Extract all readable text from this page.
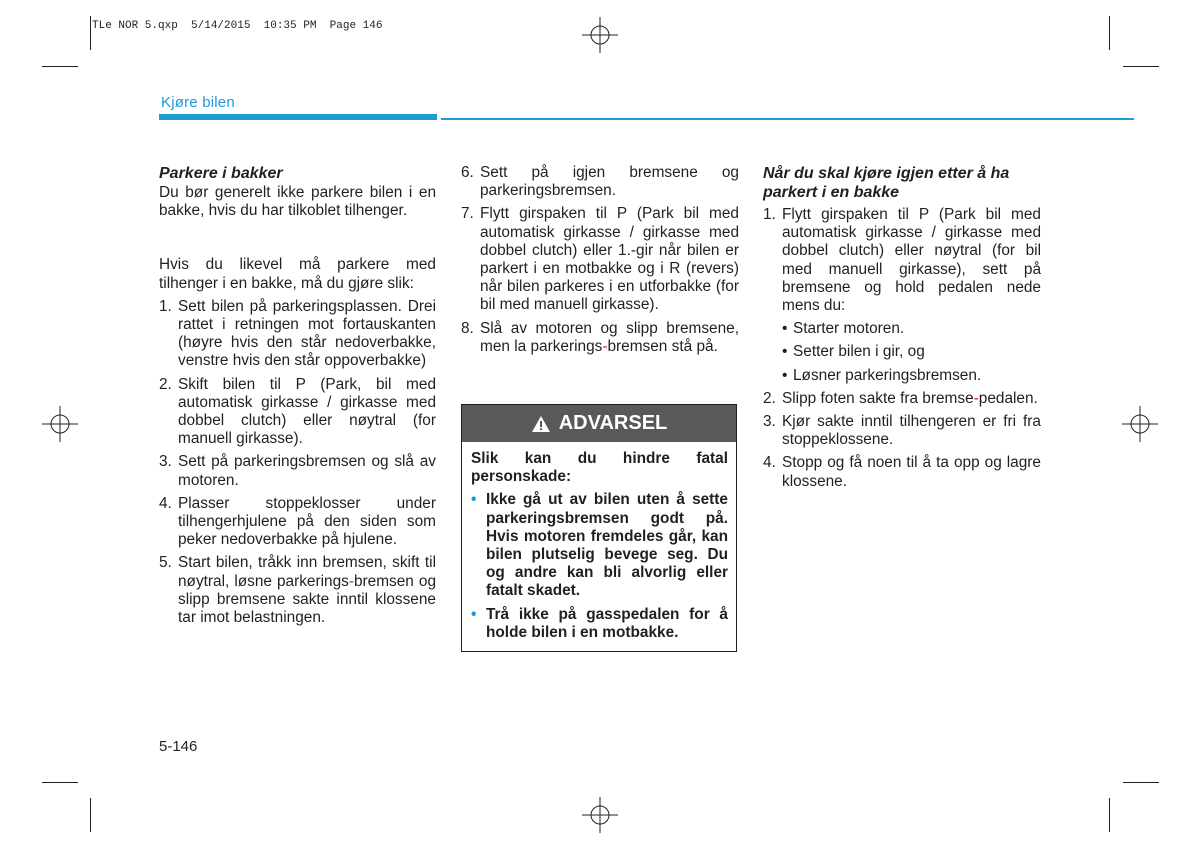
TLe NOR 5.qxp  5/14/2015  10:35 PM  Page 146
Kjøre bilen

Parkere i bakker

Du bør generelt ikke parkere bilen i en bakke, hvis du har tilkoblet tilhenger.

Hvis du likevel må parkere med tilhenger i en bakke, må du gjøre slik:

1. Sett bilen på parkeringsplassen. Drei rattet i retningen mot fortauskanten (høyre hvis den står nedoverbakke, venstre hvis den står oppoverbakke)

2. Skift bilen til P (Park, bil med automatisk girkasse / girkasse med dobbel clutch) eller nøytral (for manuell girkasse).

3. Sett på parkeringsbremsen og slå av motoren.

4. Plasser stoppeklosser under tilhengerhjulene på den siden som peker nedoverbakke på hjulene.

5. Start bilen, tråkk inn bremsen, skift til nøytral, løsne parkerings-bremsen og slipp bremsene sakte inntil klossene tar imot belastningen.

6. Sett på igjen bremsene og parkeringsbremsen.

7. Flytt girspaken til P (Park bil med automatisk girkasse / girkasse med dobbel clutch) eller 1.-gir når bilen er parkert i en motbakke og i R (revers) når bilen parkeres i en utforbakke (for bil med manuell girkasse).

8. Slå av motoren og slipp bremsene, men la parkerings-bremsen stå på.

ADVARSEL

Slik kan du hindre fatal personskade:

• Ikke gå ut av bilen uten å sette parkeringsbremsen godt på. Hvis motoren fremdeles går, kan bilen plutselig bevege seg. Du og andre kan bli alvorlig eller fatalt skadet.

• Trå ikke på gasspedalen for å holde bilen i en motbakke.

Når du skal kjøre igjen etter å ha parkert i en bakke

1. Flytt girspaken til P (Park bil med automatisk girkasse / girkasse med dobbel clutch) eller nøytral (for bil med manuell girkasse), sett på bremsene og hold pedalen nede mens du:

• Starter motoren.

• Setter bilen i gir, og

• Løsner parkeringsbremsen.

2. Slipp foten sakte fra bremse-pedalen.

3. Kjør sakte inntil tilhengeren er fri fra stoppeklossene.

4. Stopp og få noen til å ta opp og lagre klossene.

5-146
